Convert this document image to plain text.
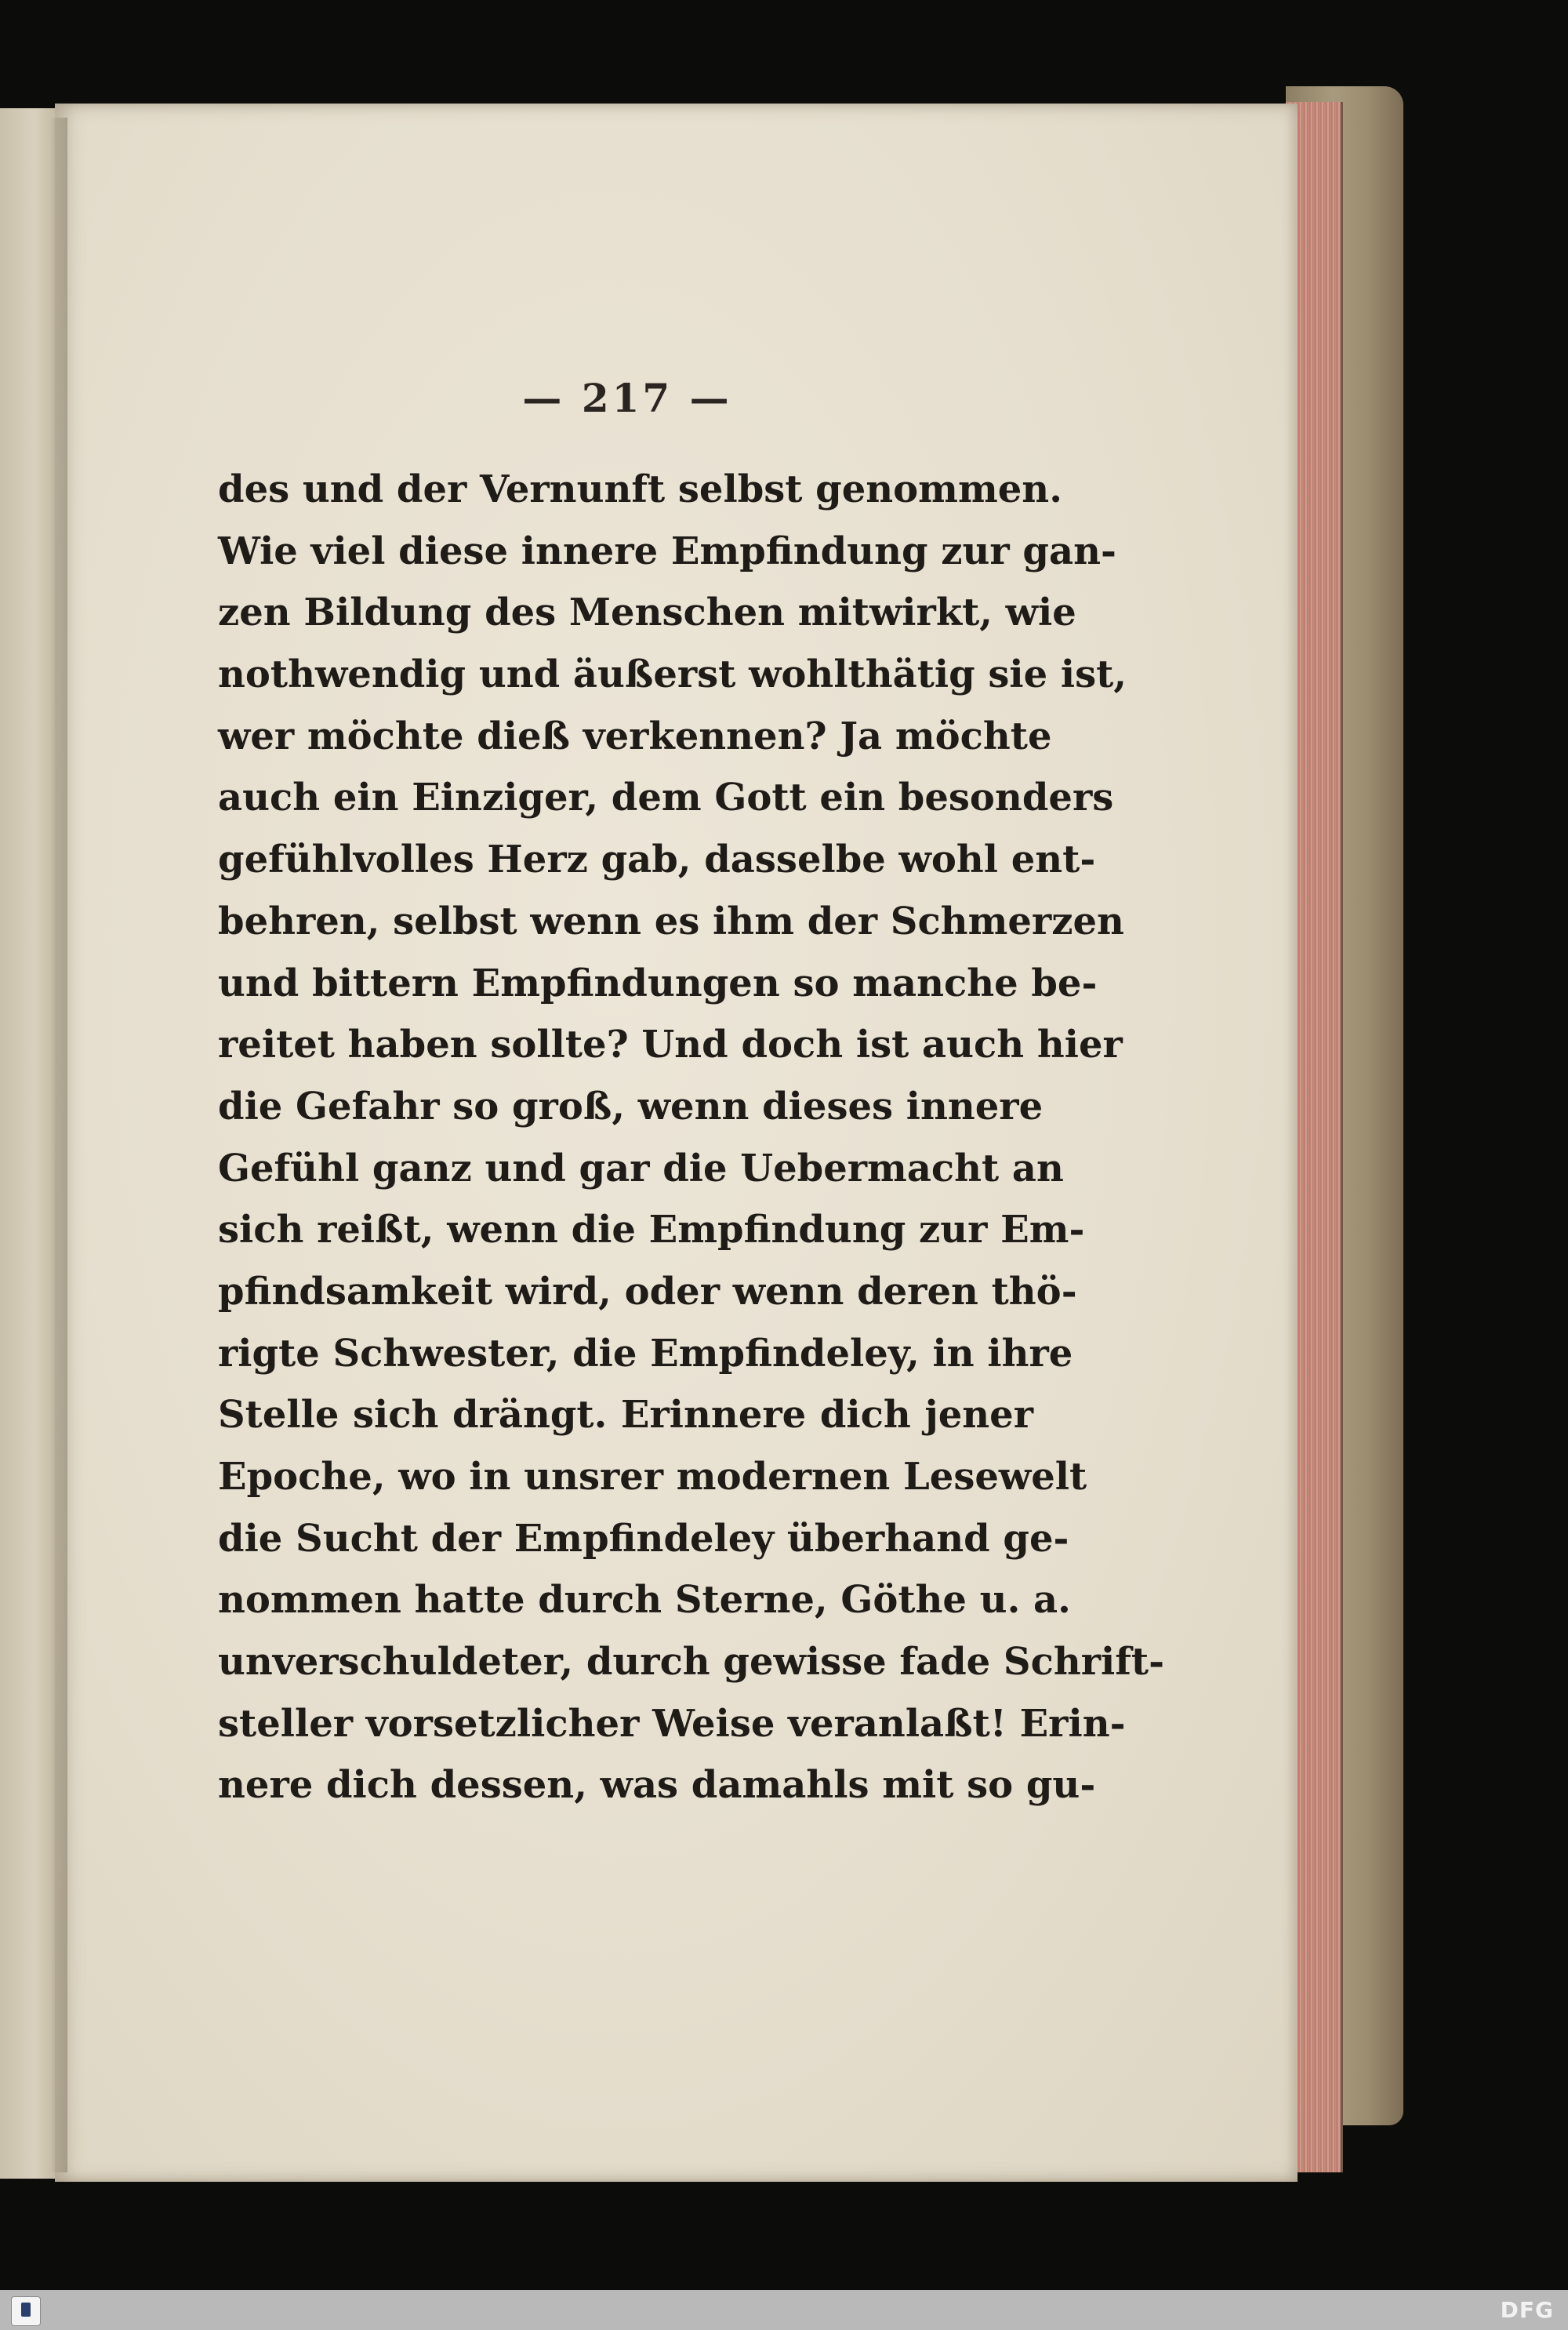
— 217 —

des und der Vernunft selbst genommen.
Wie viel diese innere Empfindung zur gan-
zen Bildung des Menschen mitwirkt, wie
nothwendig und äußerst wohlthätig sie ist,
wer möchte dieß verkennen? Ja möchte
auch ein Einziger, dem Gott ein besonders
gefühlvolles Herz gab, dasselbe wohl ent-
behren, selbst wenn es ihm der Schmerzen
und bittern Empfindungen so manche be-
reitet haben sollte? Und doch ist auch hier
die Gefahr so groß, wenn dieses innere
Gefühl ganz und gar die Uebermacht an
sich reißt, wenn die Empfindung zur Em-
pfindsamkeit wird, oder wenn deren thö-
rigte Schwester, die Empfindeley, in ihre
Stelle sich drängt. Erinnere dich jener
Epoche, wo in unsrer modernen Lesewelt
die Sucht der Empfindeley überhand ge-
nommen hatte durch Sterne, Göthe u. a.
unverschuldeter, durch gewisse fade Schrift-
steller vorsetzlicher Weise veranlaßt! Erin-
nere dich dessen, was damahls mit so gu-
DFG
